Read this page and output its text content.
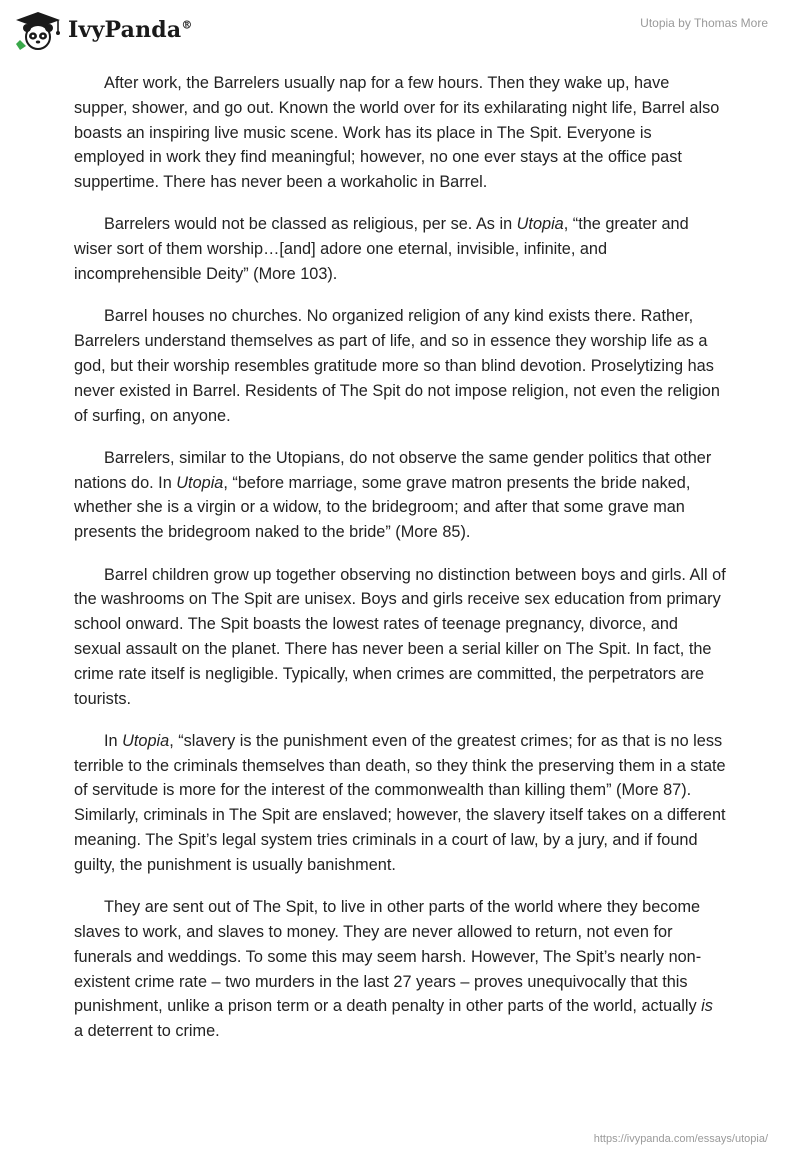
IvyPanda®	Utopia by Thomas More

After work, the Barrelers usually nap for a few hours. Then they wake up, have supper, shower, and go out. Known the world over for its exhilarating night life, Barrel also boasts an inspiring live music scene. Work has its place in The Spit. Everyone is employed in work they find meaningful; however, no one ever stays at the office past suppertime. There has never been a workaholic in Barrel.

Barrelers would not be classed as religious, per se. As in Utopia, “the greater and wiser sort of them worship…[and] adore one eternal, invisible, infinite, and incomprehensible Deity” (More 103).

Barrel houses no churches. No organized religion of any kind exists there. Rather, Barrelers understand themselves as part of life, and so in essence they worship life as a god, but their worship resembles gratitude more so than blind devotion. Proselytizing has never existed in Barrel. Residents of The Spit do not impose religion, not even the religion of surfing, on anyone.

Barrelers, similar to the Utopians, do not observe the same gender politics that other nations do. In Utopia, “before marriage, some grave matron presents the bride naked, whether she is a virgin or a widow, to the bridegroom; and after that some grave man presents the bridegroom naked to the bride” (More 85).

Barrel children grow up together observing no distinction between boys and girls. All of the washrooms on The Spit are unisex. Boys and girls receive sex education from primary school onward. The Spit boasts the lowest rates of teenage pregnancy, divorce, and sexual assault on the planet. There has never been a serial killer on The Spit. In fact, the crime rate itself is negligible. Typically, when crimes are committed, the perpetrators are tourists.

In Utopia, “slavery is the punishment even of the greatest crimes; for as that is no less terrible to the criminals themselves than death, so they think the preserving them in a state of servitude is more for the interest of the commonwealth than killing them” (More 87). Similarly, criminals in The Spit are enslaved; however, the slavery itself takes on a different meaning. The Spit’s legal system tries criminals in a court of law, by a jury, and if found guilty, the punishment is usually banishment.

They are sent out of The Spit, to live in other parts of the world where they become slaves to work, and slaves to money. They are never allowed to return, not even for funerals and weddings. To some this may seem harsh. However, The Spit’s nearly non-existent crime rate – two murders in the last 27 years – proves unequivocally that this punishment, unlike a prison term or a death penalty in other parts of the world, actually is a deterrent to crime.

https://ivypanda.com/essays/utopia/
